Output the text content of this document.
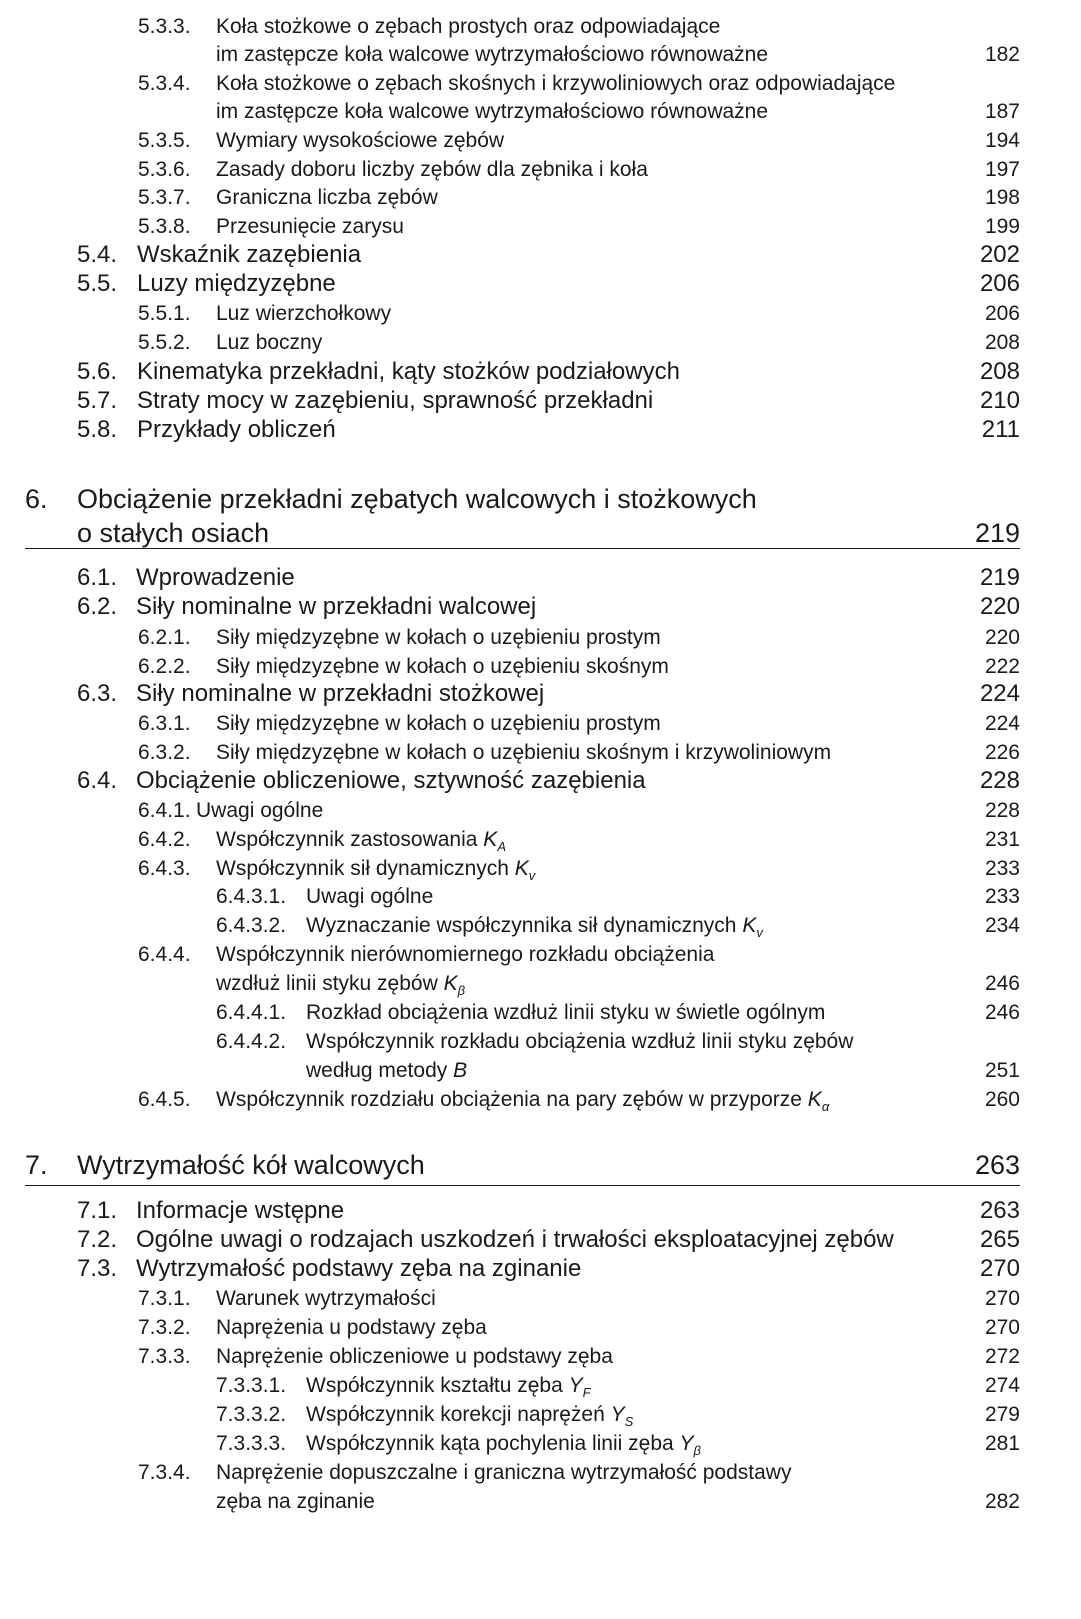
5.3.3. Koła stożkowe o zębach prostych oraz odpowiadające
im zastępcze koła walcowe wytrzymałościowo równoważne	182
5.3.4. Koła stożkowe o zębach skośnych i krzywoliniowych oraz odpowiadające
im zastępcze koła walcowe wytrzymałościowo równoważne	187
5.3.5. Wymiary wysokościowe zębów	194
5.3.6. Zasady doboru liczby zębów dla zębnika i koła	197
5.3.7. Graniczna liczba zębów	198
5.3.8. Przesunięcie zarysu	199
5.4. Wskaźnik zazębienia	202
5.5. Luzy międzyzębne	206
5.5.1. Luz wierzchołkowy	206
5.5.2. Luz boczny	208
5.6. Kinematyka przekładni, kąty stożków podziałowych	208
5.7. Straty mocy w zazębieniu, sprawność przekładni	210
5.8. Przykłady obliczeń	211
6. Obciążenie przekładni zębatych walcowych i stożkowych
o stałych osiach	219
6.1. Wprowadzenie	219
6.2. Siły nominalne w przekładni walcowej	220
6.2.1. Siły międzyzębne w kołach o uzębieniu prostym	220
6.2.2. Siły międzyzębne w kołach o uzębieniu skośnym	222
6.3. Siły nominalne w przekładni stożkowej	224
6.3.1. Siły międzyzębne w kołach o uzębieniu prostym	224
6.3.2. Siły międzyzębne w kołach o uzębieniu skośnym i krzywoliniowym	226
6.4. Obciążenie obliczeniowe, sztywność zazębienia	228
6.4.1. Uwagi ogólne	228
6.4.2. Współczynnik zastosowania $K_A$	231
6.4.3. Współczynnik sił dynamicznych $K_v$	233
6.4.3.1. Uwagi ogólne	233
6.4.3.2. Wyznaczanie współczynnika sił dynamicznych $K_v$	234
6.4.4. Współczynnik nierównomiernego rozkładu obciążenia
wzdłuż linii styku zębów $K_\beta$	246
6.4.4.1. Rozkład obciążenia wzdłuż linii styku w świetle ogólnym	246
6.4.4.2. Współczynnik rozkładu obciążenia wzdłuż linii styku zębów
według metody B	251
6.4.5. Współczynnik rozdziału obciążenia na pary zębów w przyporze $K_\alpha$	260
7. Wytrzymałość kół walcowych	263
7.1. Informacje wstępne	263
7.2. Ogólne uwagi o rodzajach uszkodzeń i trwałości eksploatacyjnej zębów	265
7.3. Wytrzymałość podstawy zęba na zginanie	270
7.3.1. Warunek wytrzymałości	270
7.3.2. Naprężenia u podstawy zęba	270
7.3.3. Naprężenie obliczeniowe u podstawy zęba	272
7.3.3.1. Współczynnik kształtu zęba $Y_F$	274
7.3.3.2. Współczynnik korekcji naprężeń $Y_S$	279
7.3.3.3. Współczynnik kąta pochylenia linii zęba $Y_\beta$	281
7.3.4. Naprężenie dopuszczalne i graniczna wytrzymałość podstawy
zęba na zginanie	282
